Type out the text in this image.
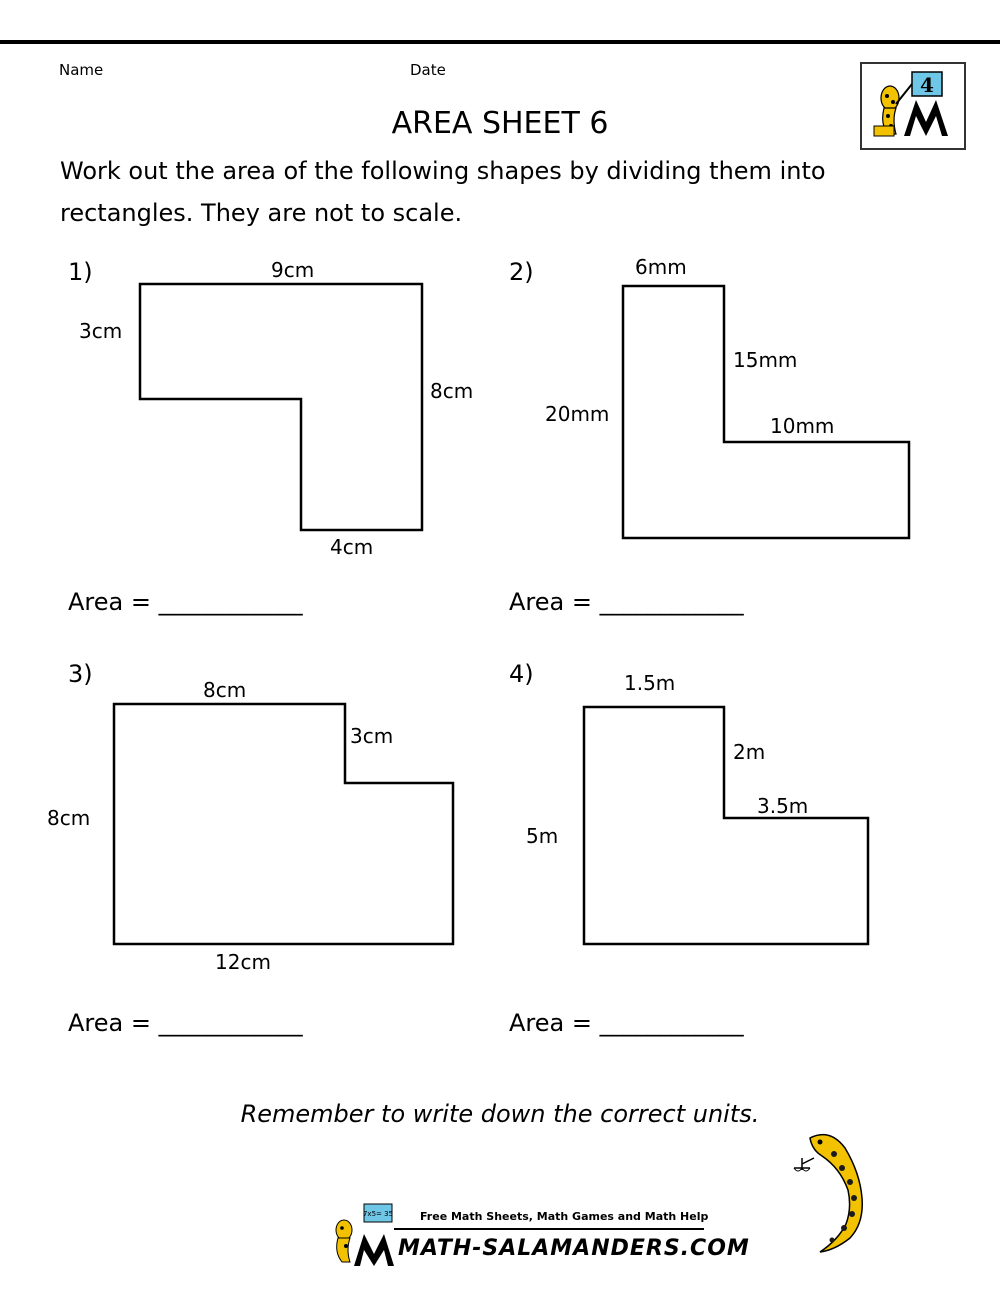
Name	Date
4
AREA SHEET 6
Work out the area of the following shapes by dividing them into rectangles. They are not to scale.
1)	9cm
3cm
8cm
4cm
Area = ____________
2)	6mm
15mm
20mm	10mm
Area = ____________
3)
8cm
3cm
8cm
12cm
Area = ____________
4)	1.5m
2m
3.5m
5m
Area = ____________
Remember to write down the correct units.
7x5= 35 Free Math Sheets, Math Games and Math Help
MATH-SALAMANDERS.COM
